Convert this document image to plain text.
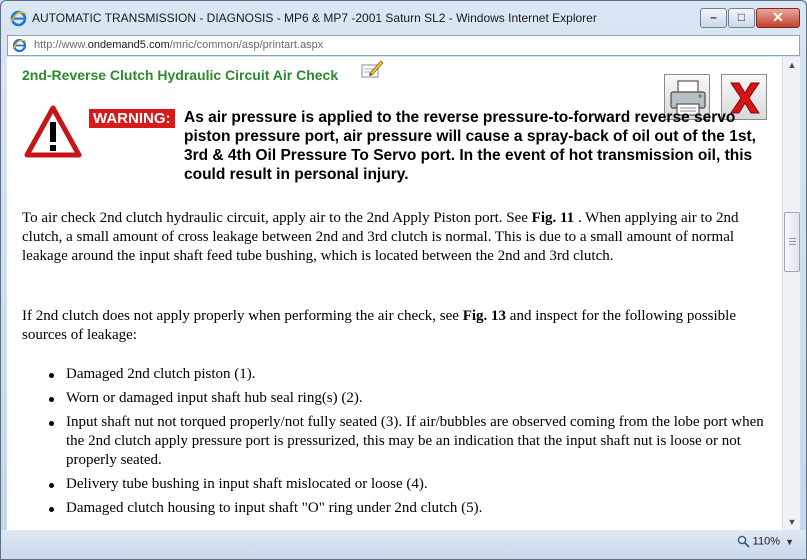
AUTOMATIC TRANSMISSION - DIAGNOSIS - MP6 & MP7 -2001 Saturn SL2 - Windows Internet Explorer	–	□	✕
http://www.ondemand5.com/mric/common/asp/printart.aspx
2nd-Reverse Clutch Hydraulic Circuit Air Check
WARNING: As air pressure is applied to the reverse pressure-to-forward reverse servo piston pressure port, air pressure will cause a spray-back of oil out of the 1st, 3rd & 4th Oil Pressure To Servo port. In the event of hot transmission oil, this could result in personal injury.

To air check 2nd clutch hydraulic circuit, apply air to the 2nd Apply Piston port. See Fig. 11 . When applying air to 2nd clutch, a small amount of cross leakage between 2nd and 3rd clutch is normal. This is due to a small amount of normal leakage around the input shaft feed tube bushing, which is located between the 2nd and 3rd clutch.

If 2nd clutch does not apply properly when performing the air check, see Fig. 13 and inspect for the following possible sources of leakage:

Damaged 2nd clutch piston (1).
Worn or damaged input shaft hub seal ring(s) (2).
Input shaft nut not torqued properly/not fully seated (3). If air/bubbles are observed coming from the lobe port when the 2nd clutch apply pressure port is pressurized, this may be an indication that the input shaft nut is loose or not properly seated.
Delivery tube bushing in input shaft mislocated or loose (4).
Damaged clutch housing to input shaft "O" ring under 2nd clutch (5).
▲
▼
110% ▼
